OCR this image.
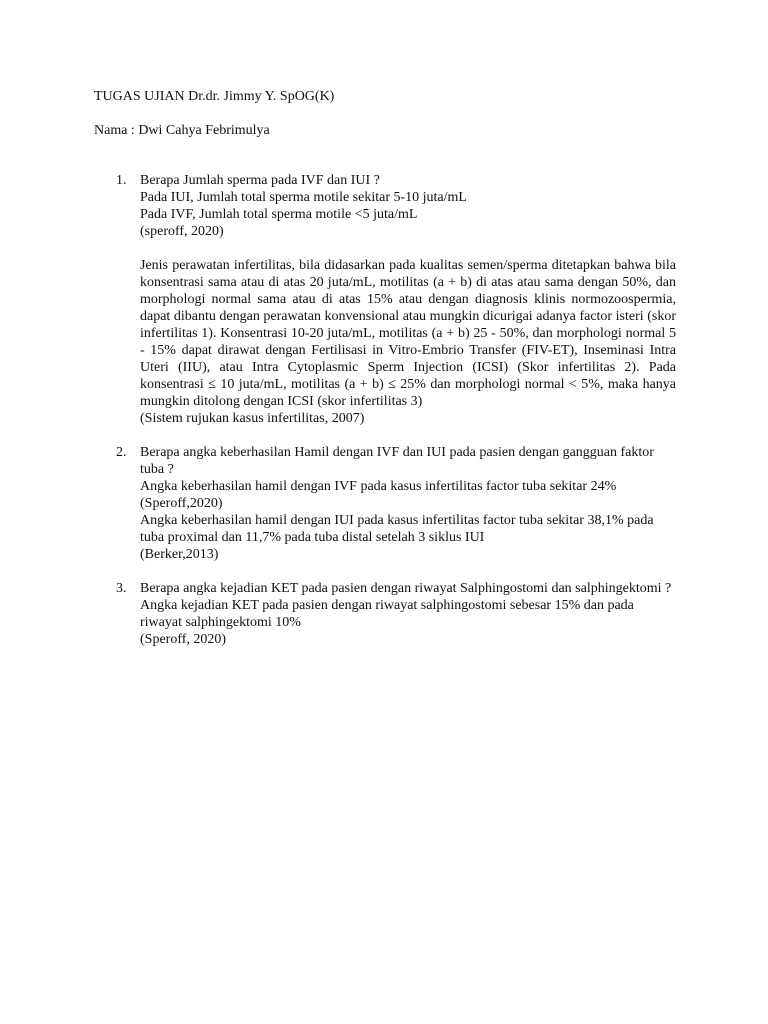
TUGAS UJIAN Dr.dr. Jimmy Y. SpOG(K)
Nama : Dwi Cahya Febrimulya
1. Berapa Jumlah sperma pada IVF dan IUI ?
Pada IUI, Jumlah total sperma motile sekitar 5-10 juta/mL
Pada IVF, Jumlah total sperma motile <5 juta/mL
(speroff, 2020)
Jenis perawatan infertilitas, bila didasarkan pada kualitas semen/sperma ditetapkan bahwa bila konsentrasi sama atau di atas 20 juta/mL, motilitas (a + b) di atas atau sama dengan 50%, dan morphologi normal sama atau di atas 15% atau dengan diagnosis klinis normozoospermia, dapat dibantu dengan perawatan konvensional atau mungkin dicurigai adanya factor isteri (skor infertilitas 1). Konsentrasi 10-20 juta/mL, motilitas (a + b) 25 - 50%, dan morphologi normal 5 - 15% dapat dirawat dengan Fertilisasi in Vitro-Embrio Transfer (FIV-ET), Inseminasi Intra Uteri (IIU), atau Intra Cytoplasmic Sperm Injection (ICSI) (Skor infertilitas 2). Pada konsentrasi ≤ 10 juta/mL, motilitas (a + b) ≤ 25% dan morphologi normal < 5%, maka hanya mungkin ditolong dengan ICSI (skor infertilitas 3)
(Sistem rujukan kasus infertilitas, 2007)
2. Berapa angka keberhasilan Hamil dengan IVF dan IUI pada pasien dengan gangguan faktor tuba ?
Angka keberhasilan hamil dengan IVF pada kasus infertilitas factor tuba sekitar 24%
(Speroff,2020)
Angka keberhasilan hamil dengan IUI pada kasus infertilitas factor tuba sekitar 38,1% pada tuba proximal dan 11,7% pada tuba distal setelah 3 siklus IUI
(Berker,2013)
3. Berapa angka kejadian KET pada pasien dengan riwayat Salphingostomi dan salphingektomi ?
Angka kejadian KET pada pasien dengan riwayat salphingostomi sebesar 15% dan pada riwayat salphingektomi 10%
(Speroff, 2020)
